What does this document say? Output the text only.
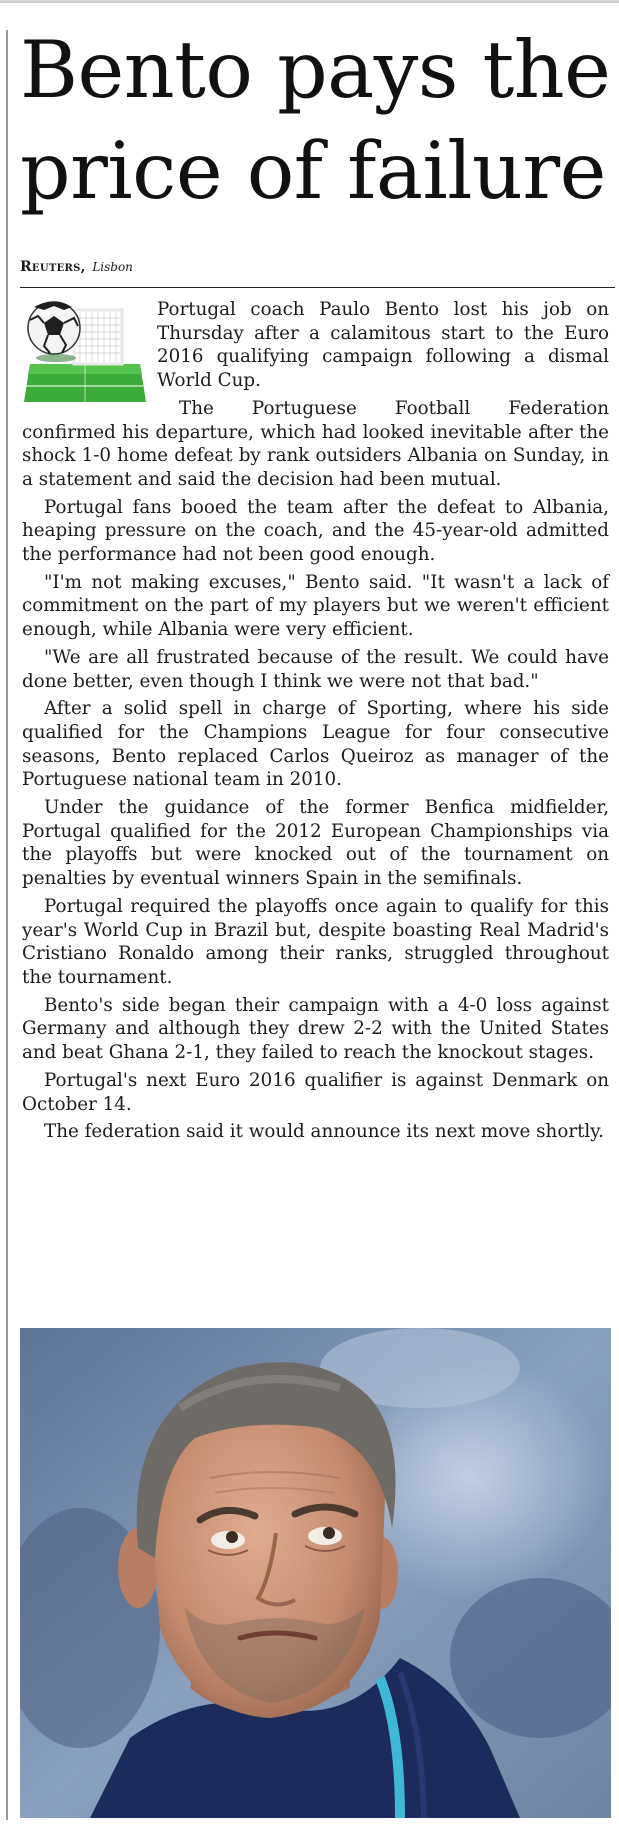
Bento pays the price of failure
Reuters, Lisbon

Portugal coach Paulo Bento lost his job on Thursday after a calamitous start to the Euro 2016 qualifying campaign following a dismal World Cup.

The Portuguese Football Federation confirmed his departure, which had looked inevitable after the shock 1-0 home defeat by rank outsiders Albania on Sunday, in a statement and said the decision had been mutual.

Portugal fans booed the team after the defeat to Albania, heaping pressure on the coach, and the 45-year-old admitted the performance had not been good enough.

"I'm not making excuses," Bento said. "It wasn't a lack of commitment on the part of my players but we weren't efficient enough, while Albania were very efficient.

"We are all frustrated because of the result. We could have done better, even though I think we were not that bad."

After a solid spell in charge of Sporting, where his side qualified for the Champions League for four consecutive seasons, Bento replaced Carlos Queiroz as manager of the Portuguese national team in 2010.

Under the guidance of the former Benfica midfielder, Portugal qualified for the 2012 European Championships via the playoffs but were knocked out of the tournament on penalties by eventual winners Spain in the semifinals.

Portugal required the playoffs once again to qualify for this year's World Cup in Brazil but, despite boasting Real Madrid's Cristiano Ronaldo among their ranks, struggled throughout the tournament.

Bento's side began their campaign with a 4-0 loss against Germany and although they drew 2-2 with the United States and beat Ghana 2-1, they failed to reach the knockout stages.

Portugal's next Euro 2016 qualifier is against Denmark on October 14.

The federation said it would announce its next move shortly.
